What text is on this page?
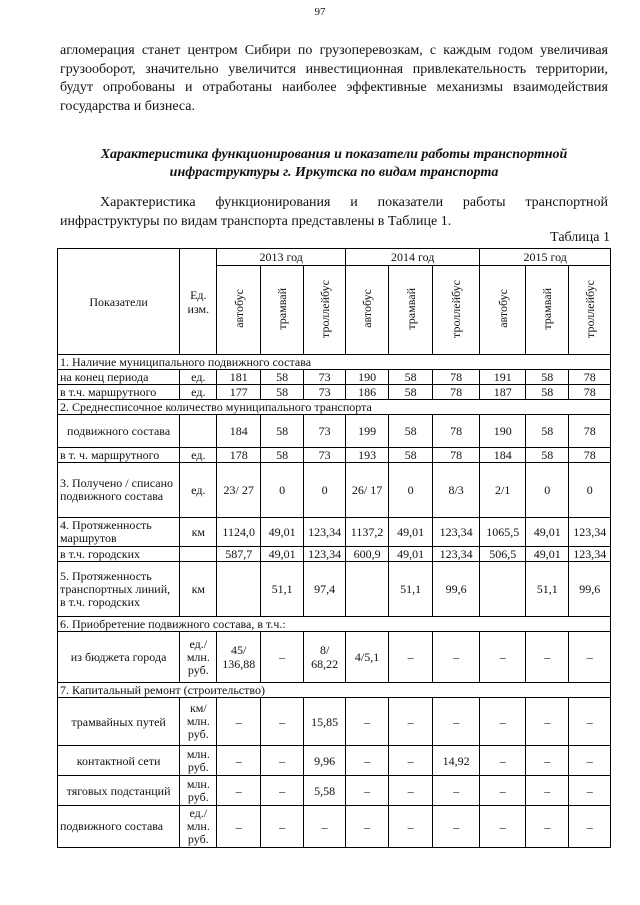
97
агломерация станет центром Сибири по грузоперевозкам, с каждым годом увеличивая грузооборот, значительно увеличится инвестиционная привлекательность территории, будут опробованы и отработаны наиболее эффективные механизмы взаимодействия государства и бизнеса.
Характеристика функционирования и показатели работы транспортной инфраструктуры г. Иркутска по видам транспорта
Характеристика функционирования и показатели работы транспортной инфраструктуры по видам транспорта представлены в Таблице 1.
Таблица 1
Показатели	Ед. изм.	2013 год			2014 год			2015 год		
		автобус	трамвай	троллейбус	автобус	трамвай	троллейбус	автобус	трамвай	троллейбус
1. Наличие муниципального подвижного состава										
на конец периода	ед.	181	58	73	190	58	78	191	58	78
в т.ч. маршрутного	ед.	177	58	73	186	58	78	187	58	78
2. Среднесписочное количество муниципального транспорта										
подвижного состава		184	58	73	199	58	78	190	58	78
в т. ч. маршрутного	ед.	178	58	73	193	58	78	184	58	78
3. Получено / списано подвижного состава	ед.	23/ 27	0	0	26/ 17	0	8/3	2/1	0	0
4. Протяженность маршрутов	км	1124,0	49,01	123,34	1137,2	49,01	123,34	1065,5	49,01	123,34
в т.ч. городских		587,7	49,01	123,34	600,9	49,01	123,34	506,5	49,01	123,34
5. Протяженность транспортных линий, в т.ч. городских	км		51,1	97,4		51,1	99,6		51,1	99,6
6. Приобретение подвижного состава, в т.ч.:										
из бюджета города	ед./ млн. руб.	45/ 136,88	–	8/ 68,22	4/5,1	–	–	–	–	–
7. Капитальный ремонт (строительство)										
трамвайных путей	км/ млн. руб.	–	–	15,85	–	–	–	–	–	–
контактной сети	млн. руб.	–	–	9,96	–	–	14,92	–	–	–
тяговых подстанций	млн. руб.	–	–	5,58	–	–	–	–	–	–
подвижного состава	ед./ млн. руб.	–	–	–	–	–	–	–	–	–
